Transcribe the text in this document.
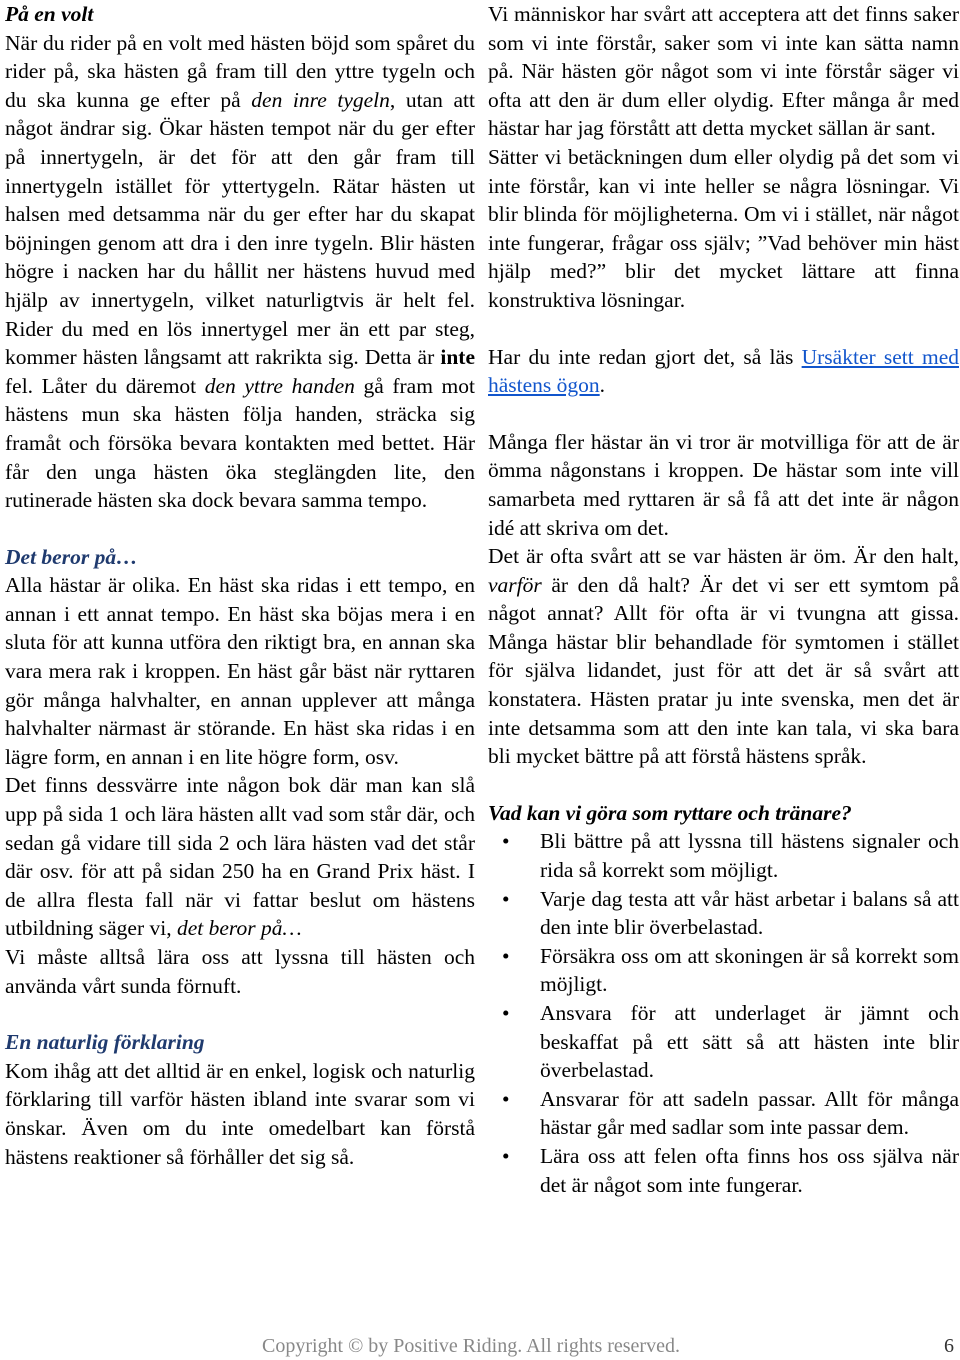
På en volt

När du rider på en volt med hästen böjd som spåret du rider på, ska hästen gå fram till den yttre tygeln och du ska kunna ge efter på den inre tygeln, utan att något ändrar sig. Ökar hästen tempot när du ger efter på innertygeln, är det för att den går fram till innertygeln istället för yttertygeln. Rätar hästen ut halsen med detsamma när du ger efter har du skapat böjningen genom att dra i den inre tygeln. Blir hästen högre i nacken har du hållit ner hästens huvud med hjälp av innertygeln, vilket naturligtvis är helt fel. Rider du med en lös innertygel mer än ett par steg, kommer hästen långsamt att rakrikta sig. Detta är inte fel. Låter du däremot den yttre handen gå fram mot hästens mun ska hästen följa handen, sträcka sig framåt och försöka bevara kontakten med bettet. Här får den unga hästen öka steglängden lite, den rutinerade hästen ska dock bevara samma tempo.

Det beror på…

Alla hästar är olika. En häst ska ridas i ett tempo, en annan i ett annat tempo. En häst ska böjas mera i en sluta för att kunna utföra den riktigt bra, en annan ska vara mera rak i kroppen. En häst går bäst när ryttaren gör många halvhalter, en annan upplever att många halvhalter närmast är störande. En häst ska ridas i en lägre form, en annan i en lite högre form, osv.

Det finns dessvärre inte någon bok där man kan slå upp på sida 1 och lära hästen allt vad som står där, och sedan gå vidare till sida 2 och lära hästen vad det står där osv. för att på sidan 250 ha en Grand Prix häst. I de allra flesta fall när vi fattar beslut om hästens utbildning säger vi, det beror på…

Vi måste alltså lära oss att lyssna till hästen och använda vårt sunda förnuft.

En naturlig förklaring

Kom ihåg att det alltid är en enkel, logisk och naturlig förklaring till varför hästen ibland inte svarar som vi önskar. Även om du inte omedelbart kan förstå hästens reaktioner så förhåller det sig så.

Vi människor har svårt att acceptera att det finns saker som vi inte förstår, saker som vi inte kan sätta namn på. När hästen gör något som vi inte förstår säger vi ofta att den är dum eller olydig. Efter många år med hästar har jag förstått att detta mycket sällan är sant.

Sätter vi betäckningen dum eller olydig på det som vi inte förstår, kan vi inte heller se några lösningar. Vi blir blinda för möjligheterna. Om vi i stället, när något inte fungerar, frågar oss själv; ”Vad behöver min häst hjälp med?” blir det mycket lättare att finna konstruktiva lösningar.

Har du inte redan gjort det, så läs Ursäkter sett med hästens ögon.

Många fler hästar än vi tror är motvilliga för att de är ömma någonstans i kroppen. De hästar som inte vill samarbeta med ryttaren är så få att det inte är någon idé att skriva om det.

Det är ofta svårt att se var hästen är öm. Är den halt, varför är den då halt? Är det vi ser ett symtom på något annat? Allt för ofta är vi tvungna att gissa. Många hästar blir behandlade för symtomen i stället för själva lidandet, just för att det är så svårt att konstatera. Hästen pratar ju inte svenska, men det är inte detsamma som att den inte kan tala, vi ska bara bli mycket bättre på att förstå hästens språk.

Vad kan vi göra som ryttare och tränare?
• Bli bättre på att lyssna till hästens signaler och rida så korrekt som möjligt.
• Varje dag testa att vår häst arbetar i balans så att den inte blir överbelastad.
• Försäkra oss om att skoningen är så korrekt som möjligt.
• Ansvara för att underlaget är jämnt och beskaffat på ett sätt så att hästen inte blir överbelastad.
• Ansvarar för att sadeln passar. Allt för många hästar går med sadlar som inte passar dem.
• Lära oss att felen ofta finns hos oss själva när det är något som inte fungerar.
Copyright © by Positive Riding. All rights reserved.	6
